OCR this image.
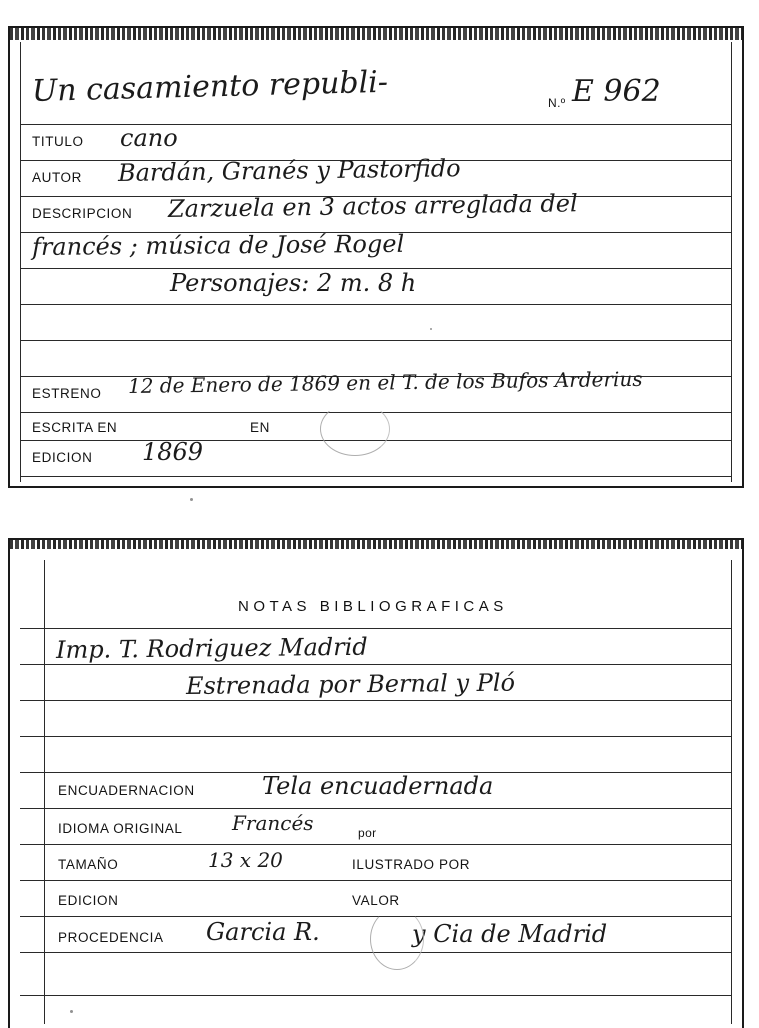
Un casamiento republi-	N.º E 962
TITULO cano
AUTOR Bardán, Granés y Pastorfido
DESCRIPCION Zarzuela en 3 actos arreglada del
francés ; música de José Rogel
Personajes: 2 m. 8 h
ESTRENO 12 de Enero de 1869 en el T. de los Bufos Arderius
ESCRITA EN	EN
EDICION 1869
NOTAS BIBLIOGRAFICAS
Imp. T. Rodriguez Madrid
Estrenada por Bernal y Pló
ENCUADERNACION	Tela encuadernada
IDIOMA ORIGINAL Francés	por
TAMAÑO	13 x 20	ILUSTRADO POR
EDICION	VALOR
PROCEDENCIA Garcia R.	y Cia de Madrid
